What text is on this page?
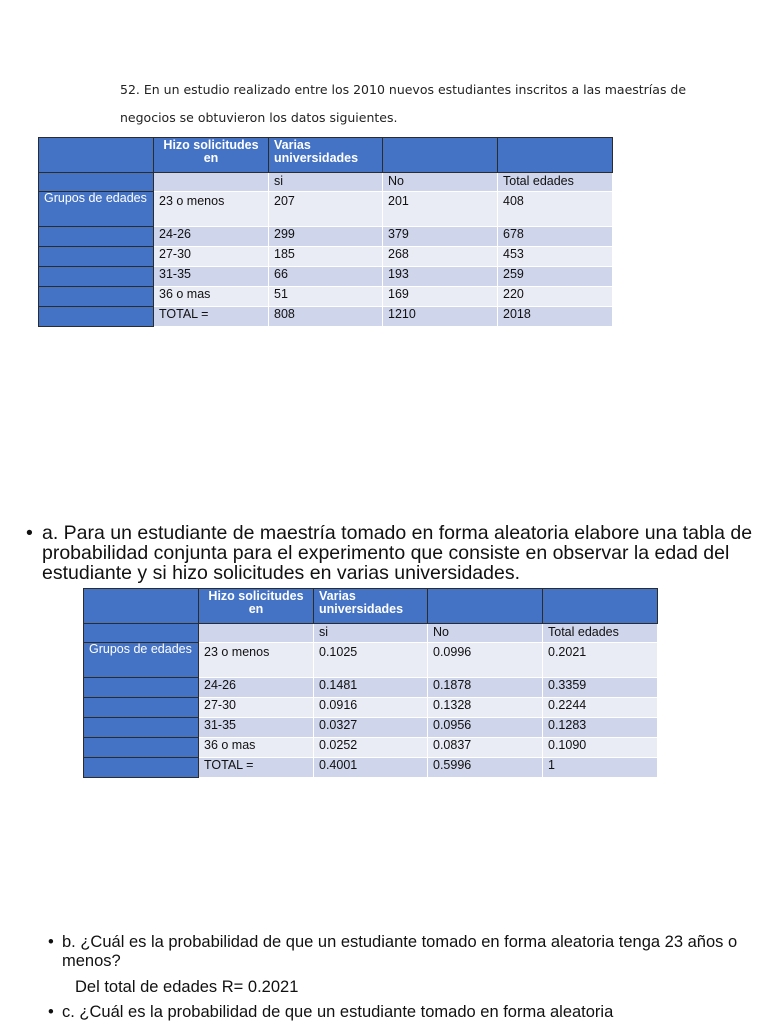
52. En un estudio realizado entre los 2010 nuevos estudiantes inscritos a las maestrías de negocios se obtuvieron los datos siguientes.

	Hizo solicitudes en	Varias universidades		
		si	No	Total edades
Grupos de edades	23 o menos	207	201	408
	24-26	299	379	678
	27-30	185	268	453
	31-35	66	193	259
	36 o mas	51	169	220
	TOTAL =	808	1210	2018

• a. Para un estudiante de maestría tomado en forma aleatoria elabore una tabla de probabilidad conjunta para el experimento que consiste en observar la edad del estudiante y si hizo solicitudes en varias universidades.

	Hizo solicitudes en	Varias universidades		
		si	No	Total edades
Grupos de edades	23 o menos	0.1025	0.0996	0.2021
	24-26	0.1481	0.1878	0.3359
	27-30	0.0916	0.1328	0.2244
	31-35	0.0327	0.0956	0.1283
	36 o mas	0.0252	0.0837	0.1090
	TOTAL =	0.4001	0.5996	1

• b. ¿Cuál es la probabilidad de que un estudiante tomado en forma aleatoria tenga 23 años o menos?

Del total de edades R= 0.2021

• c. ¿Cuál es la probabilidad de que un estudiante tomado en forma aleatoria
